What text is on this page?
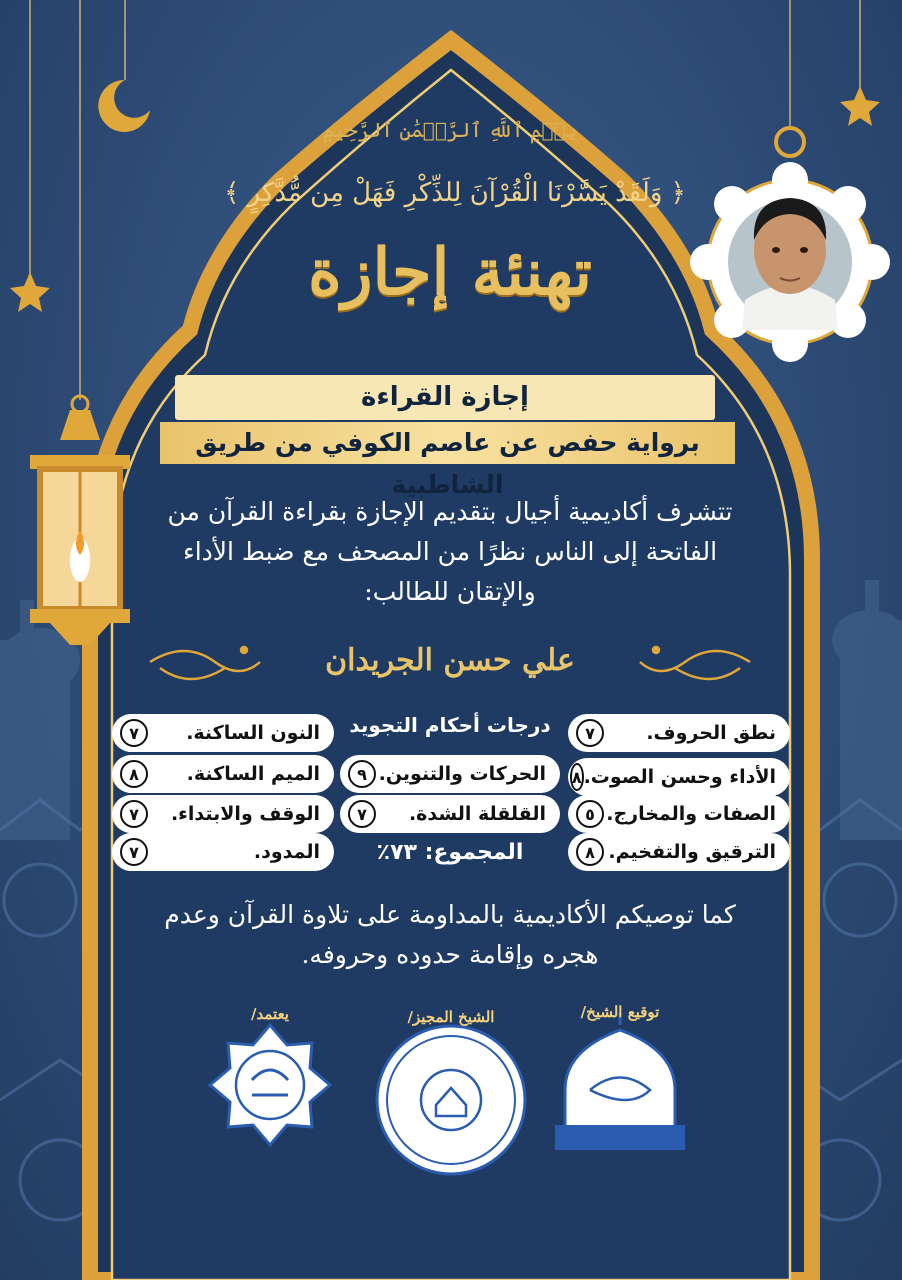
بِسۡمِ ٱللَّهِ ٱلرَّحۡمَٰنِ ٱلرَّحِيمِ
﴿ وَلَقَدْ يَسَّرْنَا الْقُرْآنَ لِلذِّكْرِ فَهَلْ مِن مُّدَّكِرٍ ﴾
تهنئة إجازة
إجازة القراءة
برواية حفص عن عاصم الكوفي من طريق الشاطبية
تتشرف أكاديمية أجيال بتقديم الإجازة بقراءة القرآن من الفاتحة إلى الناس نظرًا من المصحف مع ضبط الأداء والإتقان للطالب:
علي حسن الجريدان
نطق الحروف.
٧
الأداء وحسن الصوت.
٨
الصفات والمخارج.
٥
الترقيق والتفخيم.
٨
درجات أحكام التجويد
الحركات والتنوين.
٩
القلقلة الشدة.
٧
المجموع: ٧٣٪
النون الساكنة.
٧
الميم الساكنة.
٨
الوقف والابتداء.
٧
المدود.
٧
كما توصيكم الأكاديمية بالمداومة على تلاوة القرآن وعدم هجره وإقامة حدوده وحروفه.
توقيع الشيخ/
الشيخ المجيز/
يعتمد/
